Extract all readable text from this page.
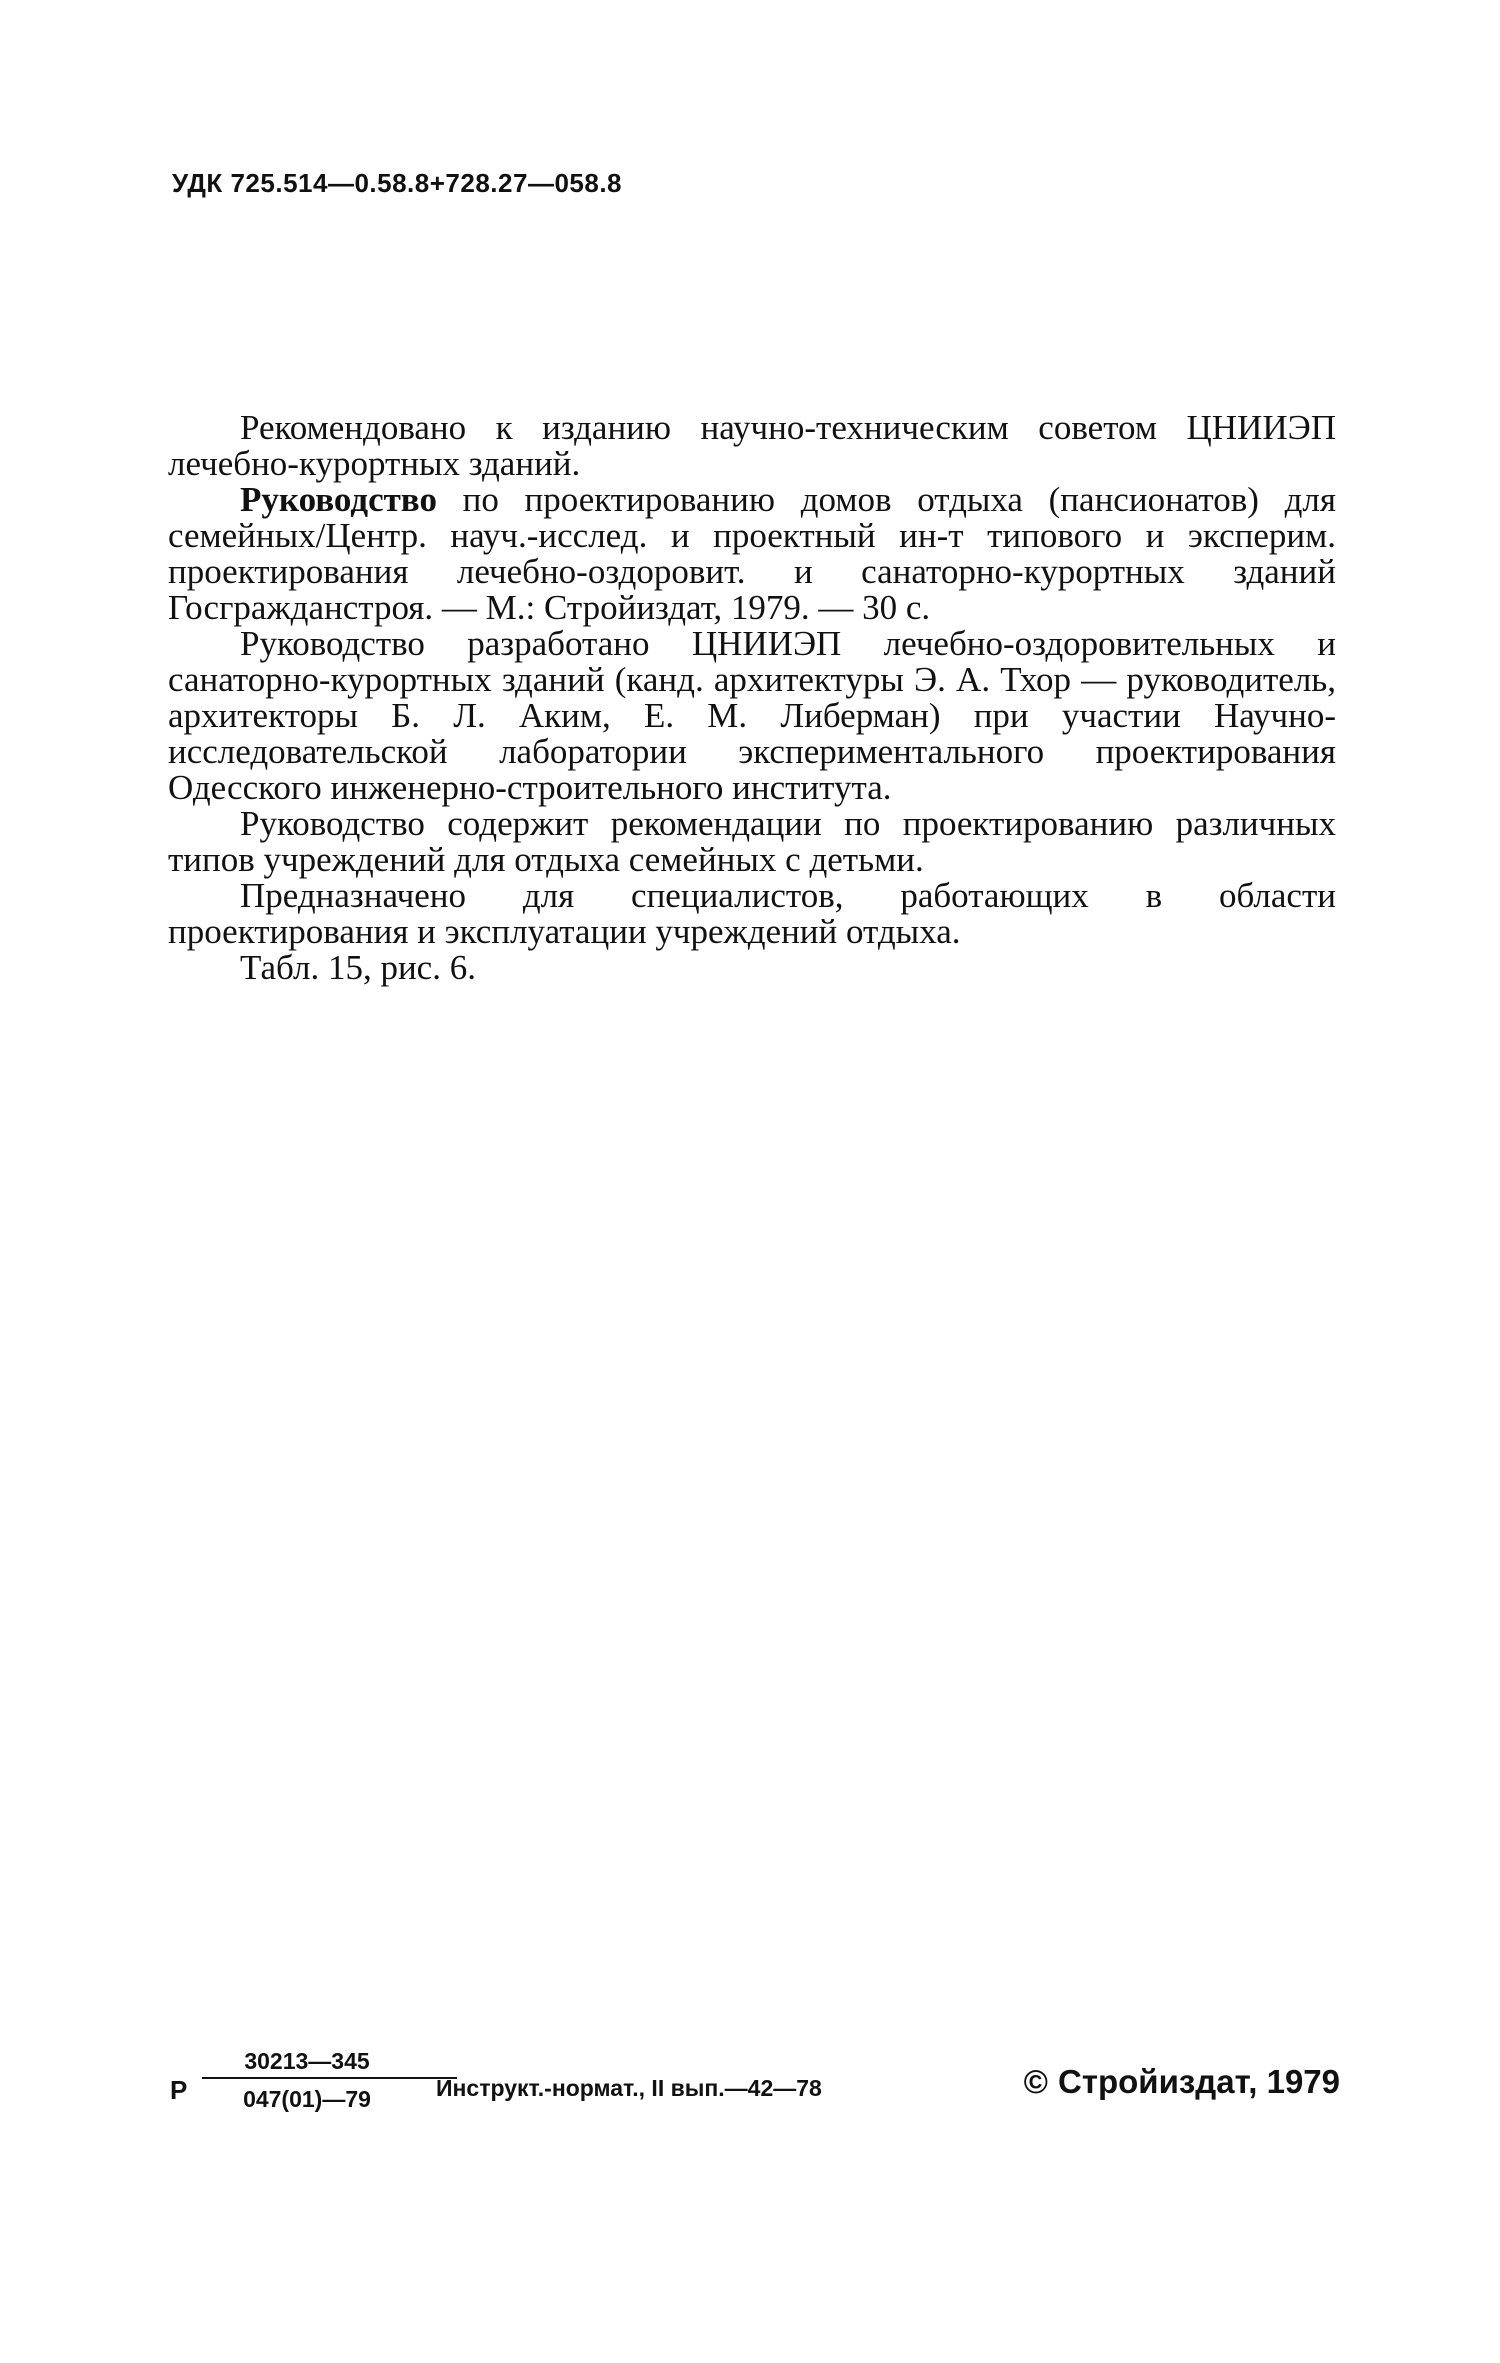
УДК 725.514—0.58.8+728.27—058.8

Рекомендовано к изданию научно-техническим советом ЦНИИЭП лечебно-курортных зданий.

Руководство по проектированию домов отдыха (пансионатов) для семейных/Центр. науч.-исслед. и проектный ин-т типового и эксперим. проектирования лечебно-оздоровит. и санаторно-курортных зданий Госгражданстроя. — М.: Стройиздат, 1979. — 30 с.

Руководство разработано ЦНИИЭП лечебно-оздоровительных и санаторно-курортных зданий (канд. архитектуры Э. А. Тхор — руководитель, архитекторы Б. Л. Аким, Е. М. Либерман) при участии Научно-исследовательской лаборатории экспериментального проектирования Одесского инженерно-строительного института.

Руководство содержит рекомендации по проектированию различных типов учреждений для отдыха семейных с детьми.

Предназначено для специалистов, работающих в области проектирования и эксплуатации учреждений отдыха.

Табл. 15, рис. 6.

Р
30213—345
047(01)—79	Инструкт.-нормат., II вып.—42—78	© Стройиздат, 1979
